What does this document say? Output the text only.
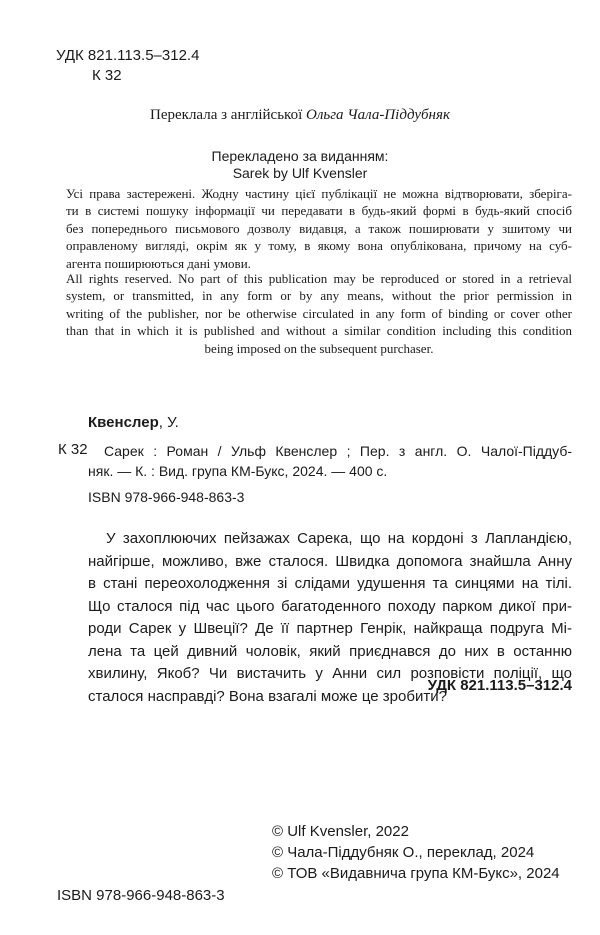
УДК 821.113.5–312.4
К 32
Переклала з англійської Ольга Чала-Піддубняк
Перекладено за виданням:
Sarek by Ulf Kvensler
Усі права застережені. Жодну частину цієї публікації не можна відтворювати, зберіга-
ти в системі пошуку інформації чи передавати в будь-який формі в будь-який спосіб
без попереднього письмового дозволу видавця, а також поширювати у зшитому чи
оправленому вигляді, окрім як у тому, в якому вона опублікована, причому на суб-
агента поширюються дані умови.
All rights reserved. No part of this publication may be reproduced or stored in a retrieval
system, or transmitted, in any form or by any means, without the prior permission in
writing of the publisher, nor be otherwise circulated in any form of binding or cover other
than that in which it is published and without a similar condition including this condition
being imposed on the subsequent purchaser.
Квенслер, У.
К 32	Сарек : Роман / Ульф Квенслер ; Пер. з англ. О. Чалої-Піддуб-
няк. — К. : Вид. група КМ-Букс, 2024. — 400 с.
ISBN 978-966-948-863-3
У захоплюючих пейзажах Сарека, що на кордоні з Лапландією,
найгірше, можливо, вже сталося. Швидка допомога знайшла Анну
в стані переохолодження зі слідами удушення та синцями на тілі.
Що сталося під час цього багатоденного походу парком дикої при-
роди Сарек у Швеції? Де її партнер Генрік, найкраща подруга Мі-
лена та цей дивний чоловік, який приєднався до них в останню
хвилину, Якоб? Чи вистачить у Анни сил розповісти поліції, що
сталося насправді? Вона взагалі може це зробити?
УДК 821.113.5–312.4
© Ulf Kvensler, 2022
© Чала-Піддубняк О., переклад, 2024
© ТОВ «Видавнича група КМ-Букс», 2024
ISBN 978-966-948-863-3
